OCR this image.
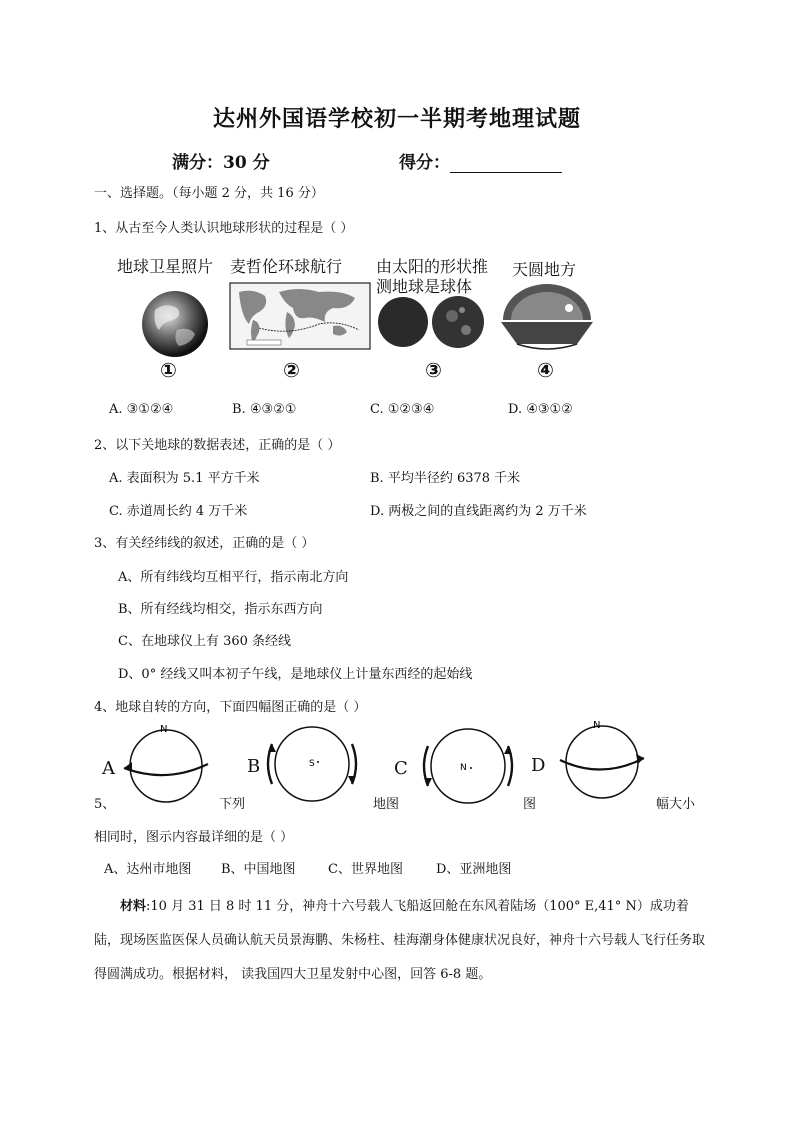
达州外国语学校初一半期考地理试题
满分：30 分	得分：
一、选择题。（每小题 2 分，共 16 分）
1、从古至今人类认识地球形状的过程是（ ）
地球卫星照片 麦哲伦环球航行 由太阳的形状推
测地球是球体
天圆地方
①	②	③	④
A. ③①②④	B. ④③②①	C. ①②③④	D. ④③①②
2、以下关地球的数据表述，正确的是（ ）
A. 表面积为 5.1 平方千米	B. 平均半径约 6378 千米
C. 赤道周长约 4 万千米	D. 两极之间的直线距离约为 2 万千米
3、有关经纬线的叙述，正确的是（ ）
A、所有纬线均互相平行，指示南北方向
B、所有经线均相交，指示东西方向
C、在地球仪上有 360 条经线
D、0° 经线又叫本初子午线，是地球仪上计量东西经的起始线
4、地球自转的方向，下面四幅图正确的是（ ）
A	B	C	D
N
S	N
N
5、	下列	地图	图	幅大小
相同时，图示内容最详细的是（ ）
A、达州市地图 B、中国地图 C、世界地图	D、亚洲地图
材料:10 月 31 日 8 时 11 分，神舟十六号载人飞船返回舱在东风着陆场（100° E,41° N）成功着陆，现场医监医保人员确认航天员景海鹏、朱杨柱、桂海潮身体健康状况良好，神舟十六号载人飞行任务取得圆满成功。根据材料， 读我国四大卫星发射中心图，回答 6-8 题。
